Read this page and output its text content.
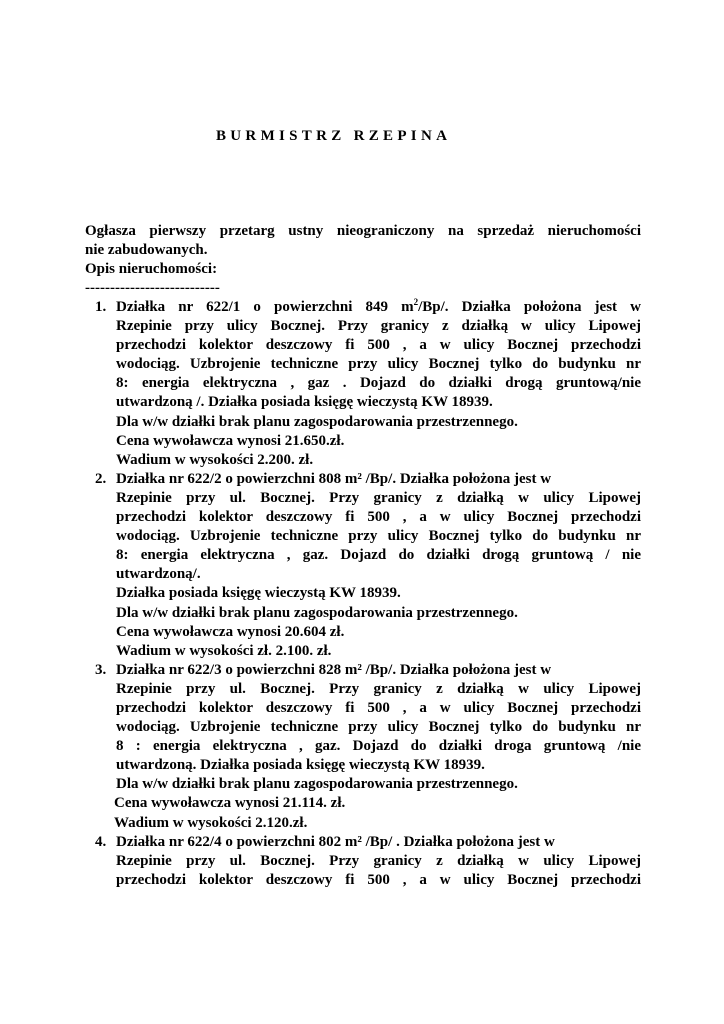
BURMISTRZ RZEPINA
Ogłasza pierwszy przetarg ustny nieograniczony na sprzedaż nieruchomości
nie zabudowanych.
Opis nieruchomości:
---------------------------
1. Działka nr 622/1 o powierzchni 849 $m^2/Bp/$. Działka położona jest w
Rzepinie przy ulicy Bocznej. Przy granicy z działką w ulicy Lipowej
przechodzi kolektor deszczowy fi 500 , a w ulicy Bocznej przechodzi
wodociąg. Uzbrojenie techniczne przy ulicy Bocznej tylko do budynku nr
8: energia elektryczna , gaz . Dojazd do działki drogą gruntową/nie
utwardzoną /. Działka posiada księgę wieczystą KW 18939.
Dla w/w działki brak planu zagospodarowania przestrzennego.
Cena wywoławcza wynosi 21.650.zł.
Wadium w wysokości 2.200. zł.
2. Działka nr 622/2 o powierzchni 808 m² /Bp/. Działka położona jest w
Rzepinie przy ul. Bocznej. Przy granicy z działką w ulicy Lipowej
przechodzi kolektor deszczowy fi 500 , a w ulicy Bocznej przechodzi
wodociąg. Uzbrojenie techniczne przy ulicy Bocznej tylko do budynku nr
8: energia elektryczna , gaz. Dojazd do działki drogą gruntową / nie
utwardzoną/.
Działka posiada księgę wieczystą KW 18939.
Dla w/w działki brak planu zagospodarowania przestrzennego.
Cena wywoławcza wynosi 20.604 zł.
Wadium w wysokości zł. 2.100. zł.
3. Działka nr 622/3 o powierzchni 828 m² /Bp/. Działka położona jest w
Rzepinie przy ul. Bocznej. Przy granicy z działką w ulicy Lipowej
przechodzi kolektor deszczowy fi 500 , a w ulicy Bocznej przechodzi
wodociąg. Uzbrojenie techniczne przy ulicy Bocznej tylko do budynku nr
8 : energia elektryczna , gaz. Dojazd do działki droga gruntową /nie
utwardzoną. Działka posiada księgę wieczystą KW 18939.
Dla w/w działki brak planu zagospodarowania przestrzennego.
Cena wywoławcza wynosi 21.114. zł.
Wadium w wysokości 2.120.zł.
4. Działka nr 622/4 o powierzchni 802 m² /Bp/ . Działka położona jest w
Rzepinie przy ul. Bocznej. Przy granicy z działką w ulicy Lipowej
przechodzi kolektor deszczowy fi 500 , a w ulicy Bocznej przechodzi
